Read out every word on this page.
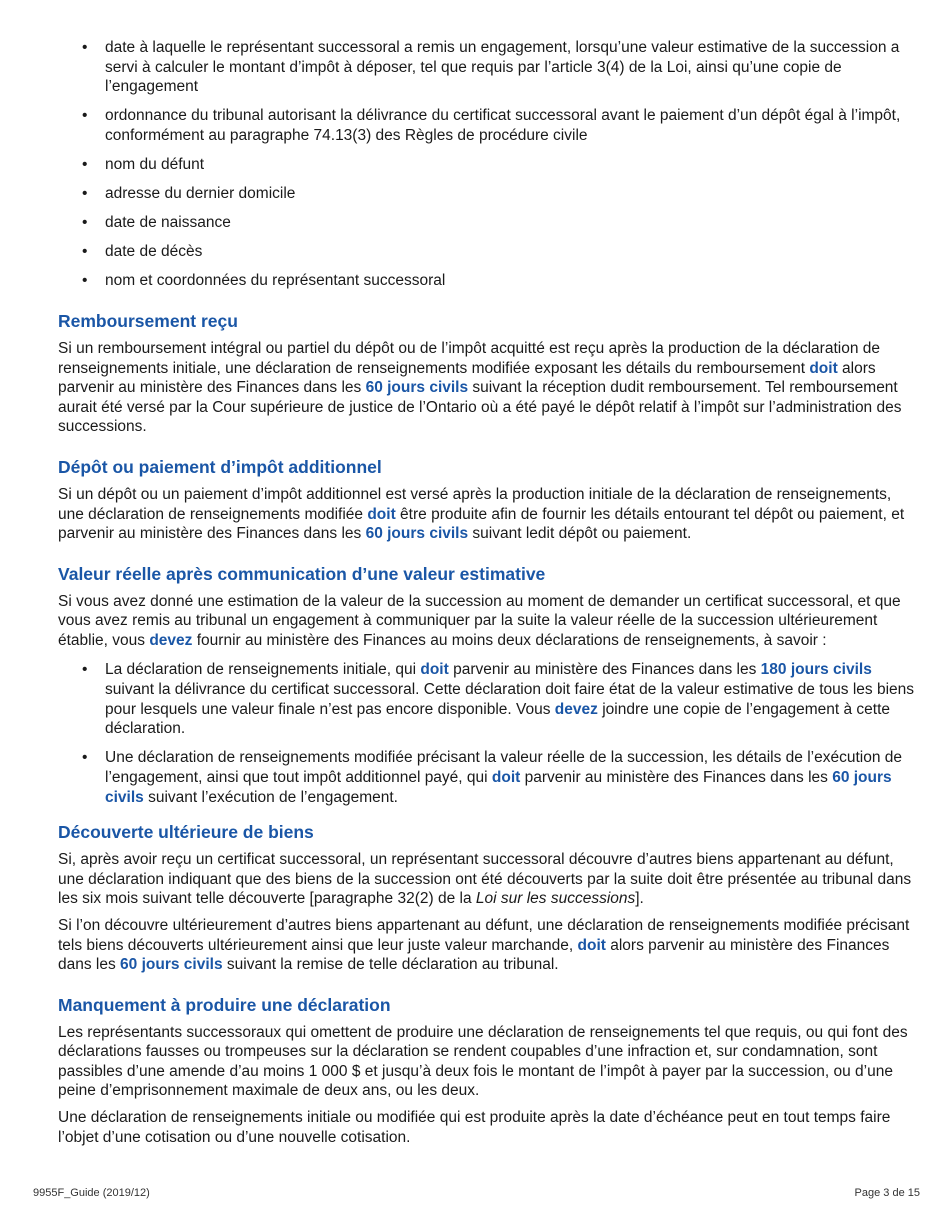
• date à laquelle le représentant successoral a remis un engagement, lorsqu’une valeur estimative de la succession a servi à calculer le montant d’impôt à déposer, tel que requis par l’article 3(4) de la Loi, ainsi qu’une copie de l’engagement
• ordonnance du tribunal autorisant la délivrance du certificat successoral avant le paiement d’un dépôt égal à l’impôt, conformément au paragraphe 74.13(3) des Règles de procédure civile
• nom du défunt
• adresse du dernier domicile
• date de naissance
• date de décès
• nom et coordonnées du représentant successoral
Remboursement reçu

Si un remboursement intégral ou partiel du dépôt ou de l’impôt acquitté est reçu après la production de la déclaration de renseignements initiale, une déclaration de renseignements modifiée exposant les détails du remboursement doit alors parvenir au ministère des Finances dans les 60 jours civils suivant la réception dudit remboursement. Tel remboursement aurait été versé par la Cour supérieure de justice de l’Ontario où a été payé le dépôt relatif à l’impôt sur l’administration des successions.

Dépôt ou paiement d’impôt additionnel

Si un dépôt ou un paiement d’impôt additionnel est versé après la production initiale de la déclaration de renseignements, une déclaration de renseignements modifiée doit être produite afin de fournir les détails entourant tel dépôt ou paiement, et parvenir au ministère des Finances dans les 60 jours civils suivant ledit dépôt ou paiement.

Valeur réelle après communication d’une valeur estimative

Si vous avez donné une estimation de la valeur de la succession au moment de demander un certificat successoral, et que vous avez remis au tribunal un engagement à communiquer par la suite la valeur réelle de la succession ultérieurement établie, vous devez fournir au ministère des Finances au moins deux déclarations de renseignements, à savoir :

• La déclaration de renseignements initiale, qui doit parvenir au ministère des Finances dans les 180 jours civils suivant la délivrance du certificat successoral. Cette déclaration doit faire état de la valeur estimative de tous les biens pour lesquels une valeur finale n’est pas encore disponible. Vous devez joindre une copie de l’engagement à cette déclaration.
• Une déclaration de renseignements modifiée précisant la valeur réelle de la succession, les détails de l’exécution de l’engagement, ainsi que tout impôt additionnel payé, qui doit parvenir au ministère des Finances dans les 60 jours civils suivant l’exécution de l’engagement.
Découverte ultérieure de biens

Si, après avoir reçu un certificat successoral, un représentant successoral découvre d’autres biens appartenant au défunt, une déclaration indiquant que des biens de la succession ont été découverts par la suite doit être présentée au tribunal dans les six mois suivant telle découverte [paragraphe 32(2) de la Loi sur les successions].

Si l’on découvre ultérieurement d’autres biens appartenant au défunt, une déclaration de renseignements modifiée précisant tels biens découverts ultérieurement ainsi que leur juste valeur marchande, doit alors parvenir au ministère des Finances dans les 60 jours civils suivant la remise de telle déclaration au tribunal.

Manquement à produire une déclaration

Les représentants successoraux qui omettent de produire une déclaration de renseignements tel que requis, ou qui font des déclarations fausses ou trompeuses sur la déclaration se rendent coupables d’une infraction et, sur condamnation, sont passibles d’une amende d’au moins 1 000 $ et jusqu’à deux fois le montant de l’impôt à payer par la succession, ou d’une peine d’emprisonnement maximale de deux ans, ou les deux.

Une déclaration de renseignements initiale ou modifiée qui est produite après la date d’échéance peut en tout temps faire l’objet d’une cotisation ou d’une nouvelle cotisation.

9955F_Guide (2019/12)	Page 3 de 15
